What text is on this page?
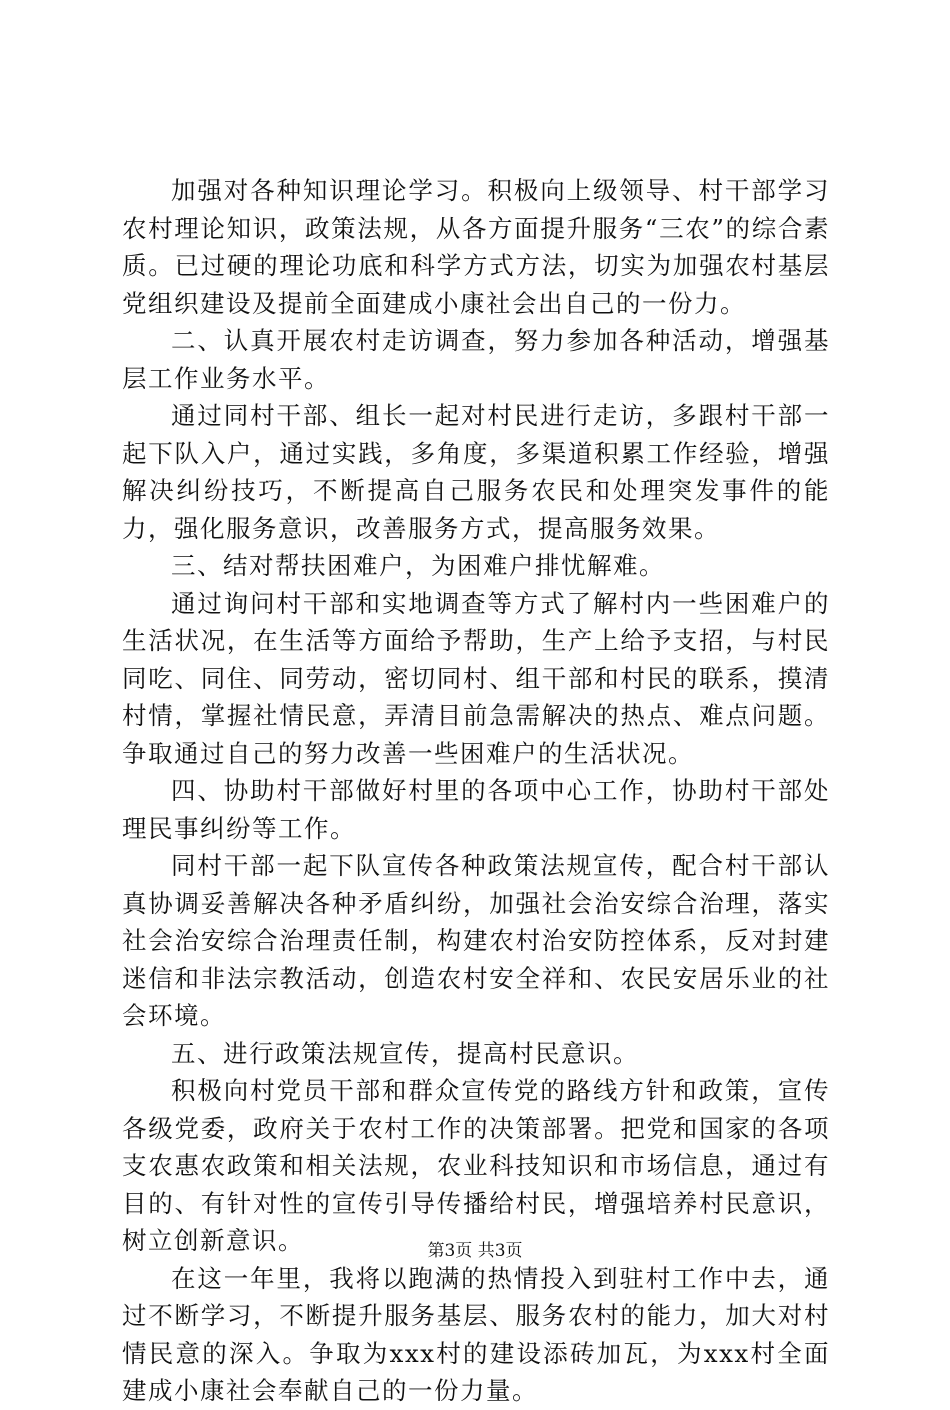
加强对各种知识理论学习。积极向上级领导、村干部学习农村理论知识，政策法规，从各方面提升服务“三农”的综合素质。已过硬的理论功底和科学方式方法，切实为加强农村基层党组织建设及提前全面建成小康社会出自己的一份力。

二、认真开展农村走访调查，努力参加各种活动，增强基层工作业务水平。

通过同村干部、组长一起对村民进行走访，多跟村干部一起下队入户，通过实践，多角度，多渠道积累工作经验，增强解决纠纷技巧，不断提高自己服务农民和处理突发事件的能力，强化服务意识，改善服务方式，提高服务效果。

三、结对帮扶困难户，为困难户排忧解难。

通过询问村干部和实地调查等方式了解村内一些困难户的生活状况，在生活等方面给予帮助，生产上给予支招，与村民同吃、同住、同劳动，密切同村、组干部和村民的联系，摸清村情，掌握社情民意，弄清目前急需解决的热点、难点问题。争取通过自己的努力改善一些困难户的生活状况。

四、协助村干部做好村里的各项中心工作，协助村干部处理民事纠纷等工作。

同村干部一起下队宣传各种政策法规宣传，配合村干部认真协调妥善解决各种矛盾纠纷，加强社会治安综合治理，落实社会治安综合治理责任制，构建农村治安防控体系，反对封建迷信和非法宗教活动，创造农村安全祥和、农民安居乐业的社会环境。

五、进行政策法规宣传，提高村民意识。

积极向村党员干部和群众宣传党的路线方针和政策，宣传各级党委，政府关于农村工作的决策部署。把党和国家的各项支农惠农政策和相关法规，农业科技知识和市场信息，通过有目的、有针对性的宣传引导传播给村民，增强培养村民意识，树立创新意识。

在这一年里，我将以跑满的热情投入到驻村工作中去，通过不断学习，不断提升服务基层、服务农村的能力，加大对村情民意的深入。争取为xxx村的建设添砖加瓦，为xxx村全面建成小康社会奉献自己的一份力量。

第3页 共3页
